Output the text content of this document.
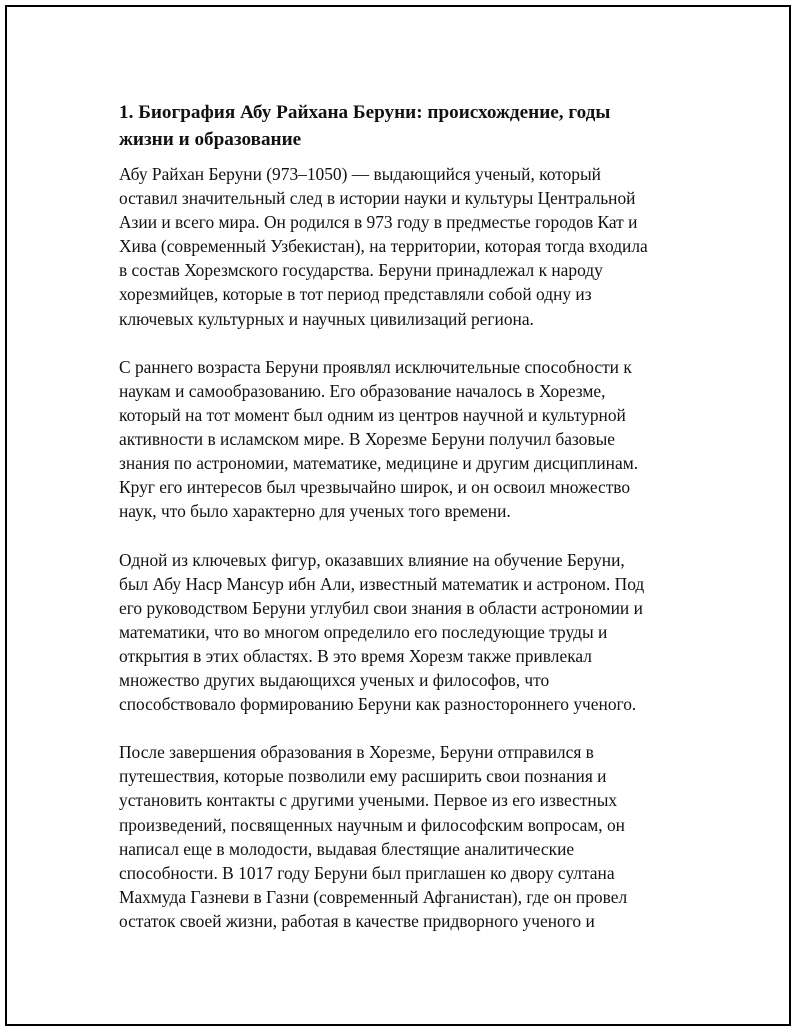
1. Биография Абу Райхана Беруни: происхождение, годы
жизни и образование

Абу Райхан Беруни (973–1050) — выдающийся ученый, который
оставил значительный след в истории науки и культуры Центральной
Азии и всего мира. Он родился в 973 году в предместье городов Кат и
Хива (современный Узбекистан), на территории, которая тогда входила
в состав Хорезмского государства. Беруни принадлежал к народу
хорезмийцев, которые в тот период представляли собой одну из
ключевых культурных и научных цивилизаций региона.

С раннего возраста Беруни проявлял исключительные способности к
наукам и самообразованию. Его образование началось в Хорезме,
который на тот момент был одним из центров научной и культурной
активности в исламском мире. В Хорезме Беруни получил базовые
знания по астрономии, математике, медицине и другим дисциплинам.
Круг его интересов был чрезвычайно широк, и он освоил множество
наук, что было характерно для ученых того времени.

Одной из ключевых фигур, оказавших влияние на обучение Беруни,
был Абу Наср Мансур ибн Али, известный математик и астроном. Под
его руководством Беруни углубил свои знания в области астрономии и
математики, что во многом определило его последующие труды и
открытия в этих областях. В это время Хорезм также привлекал
множество других выдающихся ученых и философов, что
способствовало формированию Беруни как разностороннего ученого.

После завершения образования в Хорезме, Беруни отправился в
путешествия, которые позволили ему расширить свои познания и
установить контакты с другими учеными. Первое из его известных
произведений, посвященных научным и философским вопросам, он
написал еще в молодости, выдавая блестящие аналитические
способности. В 1017 году Беруни был приглашен ко двору султана
Махмуда Газневи в Газни (современный Афганистан), где он провел
остаток своей жизни, работая в качестве придворного ученого и
